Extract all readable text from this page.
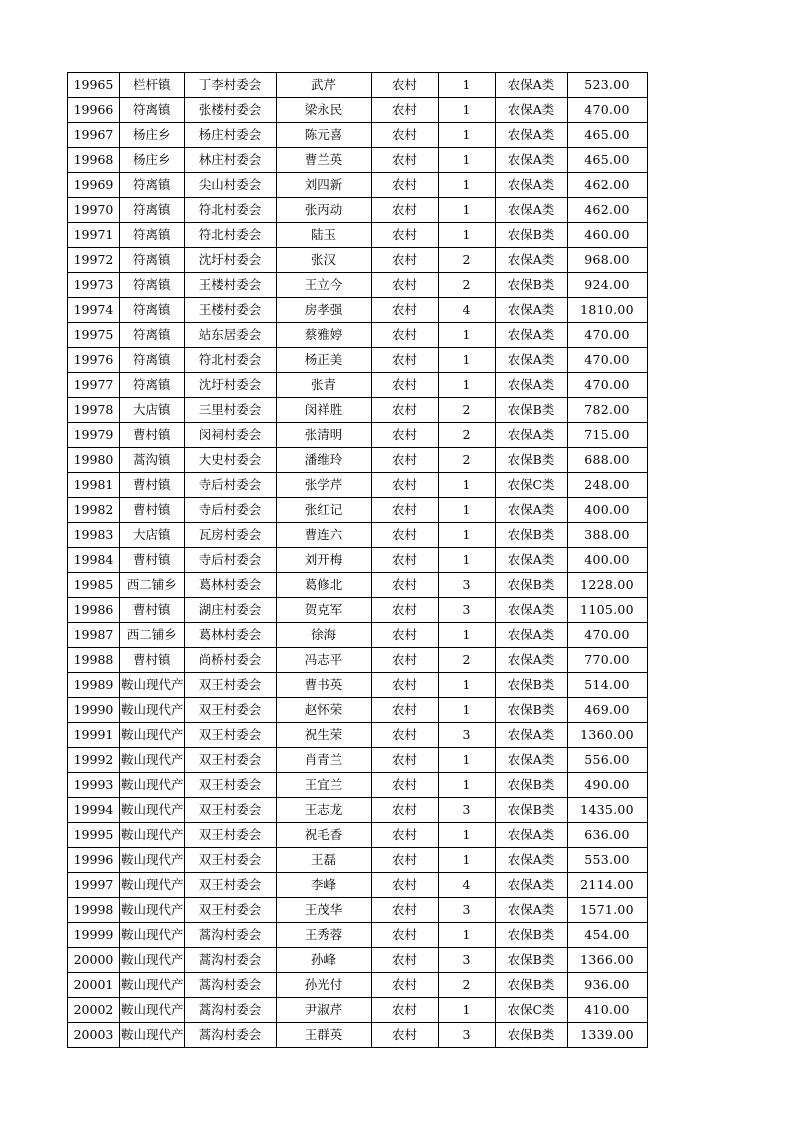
19965	栏杆镇	丁李村委会	武芹	农村	1	农保A类	523.00
19966	符离镇	张楼村委会	梁永民	农村	1	农保A类	470.00
19967	杨庄乡	杨庄村委会	陈元喜	农村	1	农保A类	465.00
19968	杨庄乡	林庄村委会	曹兰英	农村	1	农保A类	465.00
19969	符离镇	尖山村委会	刘四新	农村	1	农保A类	462.00
19970	符离镇	符北村委会	张丙动	农村	1	农保A类	462.00
19971	符离镇	符北村委会	陆玉	农村	1	农保B类	460.00
19972	符离镇	沈圩村委会	张汉	农村	2	农保A类	968.00
19973	符离镇	王楼村委会	王立今	农村	2	农保B类	924.00
19974	符离镇	王楼村委会	房孝强	农村	4	农保A类	1810.00
19975	符离镇	站东居委会	蔡雅婷	农村	1	农保A类	470.00
19976	符离镇	符北村委会	杨正美	农村	1	农保A类	470.00
19977	符离镇	沈圩村委会	张青	农村	1	农保A类	470.00
19978	大店镇	三里村委会	闵祥胜	农村	2	农保B类	782.00
19979	曹村镇	闵祠村委会	张清明	农村	2	农保A类	715.00
19980	蒿沟镇	大史村委会	潘维玲	农村	2	农保B类	688.00
19981	曹村镇	寺后村委会	张学芹	农村	1	农保C类	248.00
19982	曹村镇	寺后村委会	张红记	农村	1	农保A类	400.00
19983	大店镇	瓦房村委会	曹连六	农村	1	农保B类	388.00
19984	曹村镇	寺后村委会	刘开梅	农村	1	农保A类	400.00
19985	西二铺乡	葛林村委会	葛修北	农村	3	农保B类	1228.00
19986	曹村镇	湖庄村委会	贺克军	农村	3	农保A类	1105.00
19987	西二铺乡	葛林村委会	徐海	农村	1	农保A类	470.00
19988	曹村镇	尚桥村委会	冯志平	农村	2	农保A类	770.00
19989	鞍山现代产	双王村委会	曹书英	农村	1	农保B类	514.00
19990	鞍山现代产	双王村委会	赵怀荣	农村	1	农保B类	469.00
19991	鞍山现代产	双王村委会	祝生荣	农村	3	农保A类	1360.00
19992	鞍山现代产	双王村委会	肖青兰	农村	1	农保A类	556.00
19993	鞍山现代产	双王村委会	王宜兰	农村	1	农保B类	490.00
19994	鞍山现代产	双王村委会	王志龙	农村	3	农保B类	1435.00
19995	鞍山现代产	双王村委会	祝毛香	农村	1	农保A类	636.00
19996	鞍山现代产	双王村委会	王磊	农村	1	农保A类	553.00
19997	鞍山现代产	双王村委会	李峰	农村	4	农保A类	2114.00
19998	鞍山现代产	双王村委会	王茂华	农村	3	农保A类	1571.00
19999	鞍山现代产	蒿沟村委会	王秀蓉	农村	1	农保B类	454.00
20000	鞍山现代产	蒿沟村委会	孙峰	农村	3	农保B类	1366.00
20001	鞍山现代产	蒿沟村委会	孙光付	农村	2	农保B类	936.00
20002	鞍山现代产	蒿沟村委会	尹淑芹	农村	1	农保C类	410.00
20003	鞍山现代产	蒿沟村委会	王群英	农村	3	农保B类	1339.00
